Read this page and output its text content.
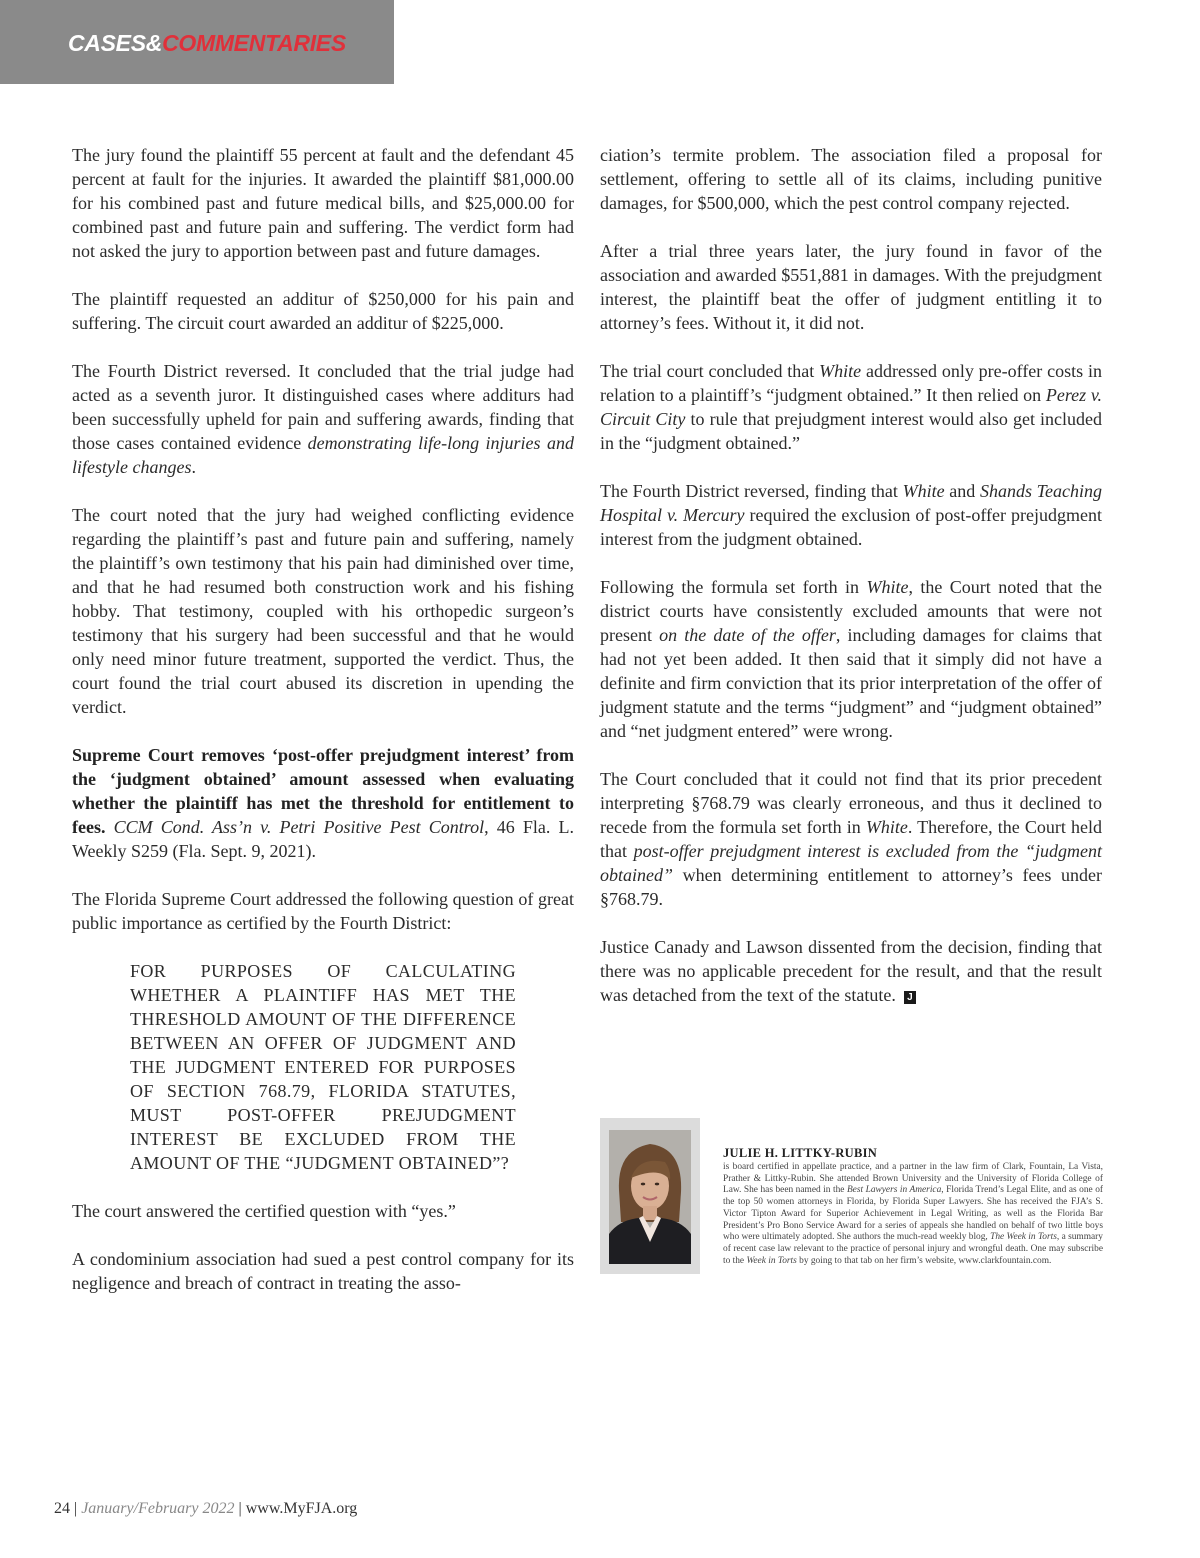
CASES&COMMENTARIES

The jury found the plaintiff 55 percent at fault and the defendant 45 percent at fault for the injuries. It awarded the plaintiff $81,000.00 for his combined past and future medical bills, and $25,000.00 for combined past and future pain and suffering. The verdict form had not asked the jury to apportion between past and future damages.

The plaintiff requested an additur of $250,000 for his pain and suffering. The circuit court awarded an additur of $225,000.

The Fourth District reversed. It concluded that the trial judge had acted as a seventh juror. It distinguished cases where additurs had been successfully upheld for pain and suffering awards, finding that those cases contained evidence demonstrating life-long injuries and lifestyle changes.

The court noted that the jury had weighed conflicting evidence regarding the plaintiff’s past and future pain and suffering, namely the plaintiff’s own testimony that his pain had diminished over time, and that he had resumed both construction work and his fishing hobby. That testimony, coupled with his orthopedic surgeon’s testimony that his surgery had been successful and that he would only need minor future treatment, supported the verdict. Thus, the court found the trial court abused its discretion in upending the verdict.

Supreme Court removes ‘post-offer prejudgment interest’ from the ‘judgment obtained’ amount assessed when evaluating whether the plaintiff has met the threshold for entitlement to fees. CCM Cond. Ass’n v. Petri Positive Pest Control, 46 Fla. L. Weekly S259 (Fla. Sept. 9, 2021).

The Florida Supreme Court addressed the following question of great public importance as certified by the Fourth District:

FOR PURPOSES OF CALCULATING WHETHER A PLAINTIFF HAS MET THE THRESHOLD AMOUNT OF THE DIFFERENCE BETWEEN AN OFFER OF JUDGMENT AND THE JUDGMENT ENTERED FOR PURPOSES OF SECTION 768.79, FLORIDA STATUTES, MUST POST-OFFER PREJUDGMENT INTEREST BE EXCLUDED FROM THE AMOUNT OF THE “JUDGMENT OBTAINED”?

The court answered the certified question with “yes.”

A condominium association had sued a pest control company for its negligence and breach of contract in treating the asso-

ciation’s termite problem. The association filed a proposal for settlement, offering to settle all of its claims, including punitive damages, for $500,000, which the pest control company rejected.

After a trial three years later, the jury found in favor of the association and awarded $551,881 in damages. With the prejudgment interest, the plaintiff beat the offer of judgment entitling it to attorney’s fees. Without it, it did not.

The trial court concluded that White addressed only pre-offer costs in relation to a plaintiff’s “judgment obtained.” It then relied on Perez v. Circuit City to rule that prejudgment interest would also get included in the “judgment obtained.”

The Fourth District reversed, finding that White and Shands Teaching Hospital v. Mercury required the exclusion of post-offer prejudgment interest from the judgment obtained.

Following the formula set forth in White, the Court noted that the district courts have consistently excluded amounts that were not present on the date of the offer, including damages for claims that had not yet been added. It then said that it simply did not have a definite and firm conviction that its prior interpretation of the offer of judgment statute and the terms “judgment” and “judgment obtained” and “net judgment entered” were wrong.

The Court concluded that it could not find that its prior precedent interpreting §768.79 was clearly erroneous, and thus it declined to recede from the formula set forth in White. Therefore, the Court held that post-offer prejudgment interest is excluded from the “judgment obtained” when determining entitlement to attorney’s fees under §768.79.

Justice Canady and Lawson dissented from the decision, finding that there was no applicable precedent for the result, and that the result was detached from the text of the statute. J

JULIE H. LITTKY-RUBIN
is board certified in appellate practice, and a partner in the law firm of Clark, Fountain, La Vista, Prather & Littky-Rubin. She attended Brown University and the University of Florida College of Law. She has been named in the Best Lawyers in America, Florida Trend’s Legal Elite, and as one of the top 50 women attorneys in Florida, by Florida Super Lawyers. She has received the FJA’s S. Victor Tipton Award for Superior Achievement in Legal Writing, as well as the Florida Bar President’s Pro Bono Service Award for a series of appeals she handled on behalf of two little boys who were ultimately adopted. She authors the much-read weekly blog, The Week in Torts, a summary of recent case law relevant to the practice of personal injury and wrongful death. One may subscribe to the Week in Torts by going to that tab on her firm’s website, www.clarkfountain.com.
24 | January/February 2022 | www.MyFJA.org
